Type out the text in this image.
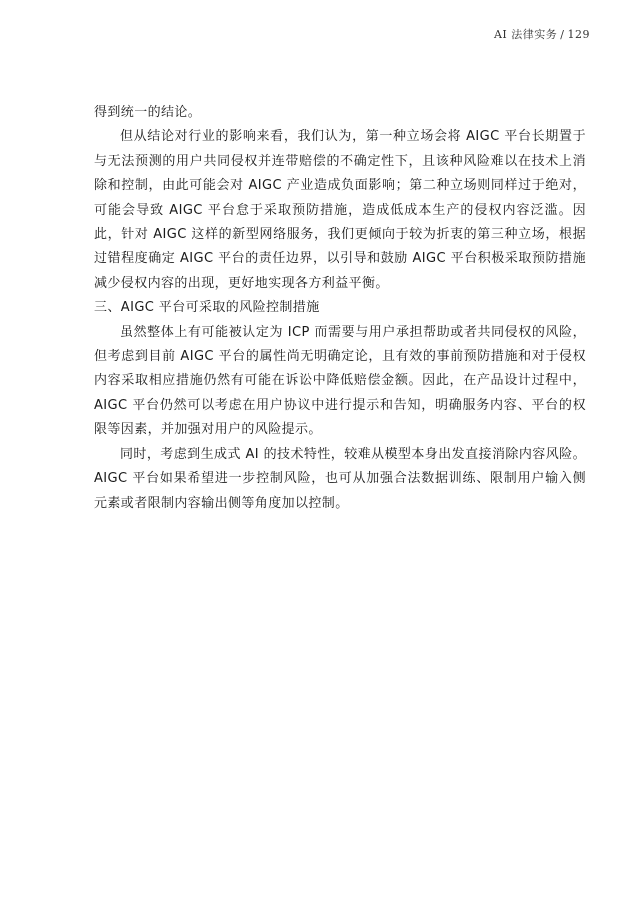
AI 法律实务 / 129

得到统一的结论。

但从结论对行业的影响来看，我们认为，第一种立场会将 AIGC 平台长期置于与无法预测的用户共同侵权并连带赔偿的不确定性下，且该种风险难以在技术上消除和控制，由此可能会对 AIGC 产业造成负面影响；第二种立场则同样过于绝对，可能会导致 AIGC 平台怠于采取预防措施，造成低成本生产的侵权内容泛滥。因此，针对 AIGC 这样的新型网络服务，我们更倾向于较为折衷的第三种立场，根据过错程度确定 AIGC 平台的责任边界，以引导和鼓励 AIGC 平台积极采取预防措施减少侵权内容的出现，更好地实现各方利益平衡。

三、AIGC 平台可采取的风险控制措施

虽然整体上有可能被认定为 ICP 而需要与用户承担帮助或者共同侵权的风险，但考虑到目前 AIGC 平台的属性尚无明确定论，且有效的事前预防措施和对于侵权内容采取相应措施仍然有可能在诉讼中降低赔偿金额。因此，在产品设计过程中，AIGC 平台仍然可以考虑在用户协议中进行提示和告知，明确服务内容、平台的权限等因素，并加强对用户的风险提示。

同时，考虑到生成式 AI 的技术特性，较难从模型本身出发直接消除内容风险。AIGC 平台如果希望进一步控制风险，也可从加强合法数据训练、限制用户输入侧元素或者限制内容输出侧等角度加以控制。
